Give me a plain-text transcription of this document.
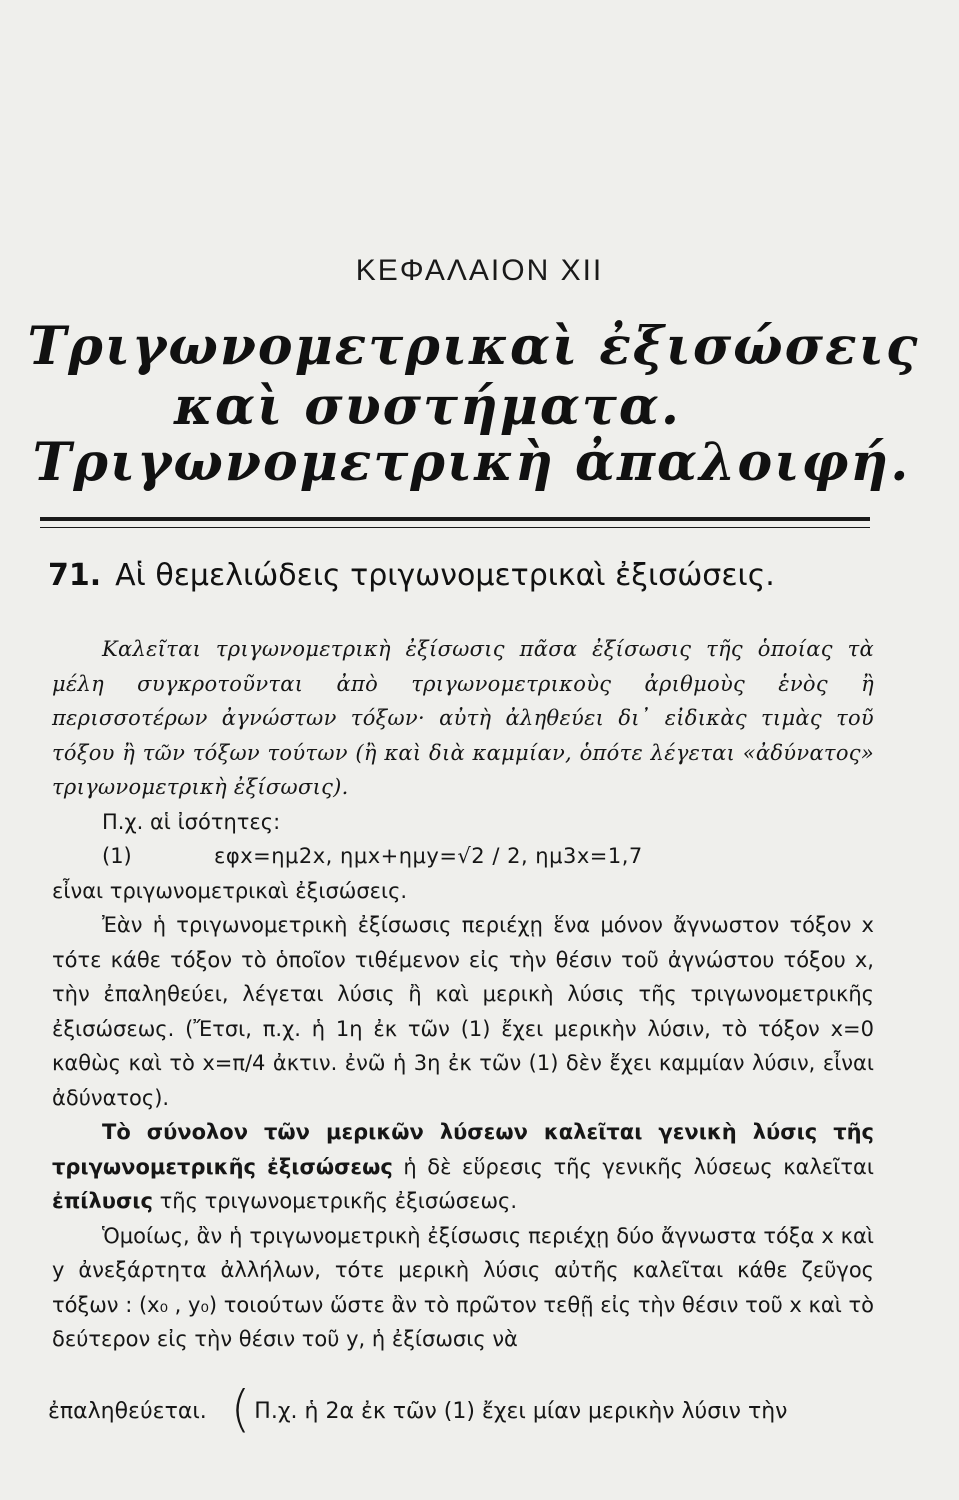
ΚΕΦΑΛΑΙΟΝ XII
Τριγωνομετρικαὶ ἐξισώσεις
καὶ συστήματα.
Τριγωνομετρικὴ ἀπαλοιφή.
71. Αἱ θεμελιώδεις τριγωνομετρικαὶ ἐξισώσεις.

Καλεῖται τριγωνομετρικὴ ἐξίσωσις πᾶσα ἐξίσωσις τῆς ὁποίας τὰ μέλη συγκροτοῦνται ἀπὸ τριγωνομετρικοὺς ἀριθμοὺς ἑνὸς ἢ περισσοτέρων ἀγνώστων τόξων· αὐτὴ ἀληθεύει δι᾿ εἰδικὰς τιμὰς τοῦ τόξου ἢ τῶν τόξων τούτων (ἢ καὶ διὰ καμμίαν, ὁπότε λέγεται «ἀδύνατος» τριγωνομετρικὴ ἐξίσωσις).

Π.χ. αἱ ἰσότητες:

(1)	εφx=ημ2x, ημx+ημy=√2 / 2, ημ3x=1,7

εἶναι τριγωνομετρικαὶ ἐξισώσεις.

Ἐὰν ἡ τριγωνομετρικὴ ἐξίσωσις περιέχῃ ἕνα μόνον ἄγνωστον τόξον x τότε κάθε τόξον τὸ ὁποῖον τιθέμενον εἰς τὴν θέσιν τοῦ ἀγνώστου τόξου x, τὴν ἐπαληθεύει, λέγεται λύσις ἢ καὶ μερικὴ λύσις τῆς τριγωνομετρικῆς ἐξισώσεως. (Ἔτσι, π.χ. ἡ 1η ἐκ τῶν (1) ἔχει μερικὴν λύσιν, τὸ τόξον x=0 καθὼς καὶ τὸ x=π/4 ἀκτιν. ἐνῶ ἡ 3η ἐκ τῶν (1) δὲν ἔχει καμμίαν λύσιν, εἶναι ἀδύνατος).

Τὸ σύνολον τῶν μερικῶν λύσεων καλεῖται γενικὴ λύσις τῆς τριγωνομετρικῆς ἐξισώσεως ἡ δὲ εὕρεσις τῆς γενικῆς λύσεως καλεῖται ἐπίλυσις τῆς τριγωνομετρικῆς ἐξισώσεως.

Ὁμοίως, ἂν ἡ τριγωνομετρικὴ ἐξίσωσις περιέχῃ δύο ἄγνωστα τόξα x καὶ y ἀνεξάρτητα ἀλλήλων, τότε μερικὴ λύσις αὐτῆς καλεῖται κάθε ζεῦγος τόξων : (x₀ , y₀) τοιούτων ὥστε ἂν τὸ πρῶτον τεθῇ εἰς τὴν θέσιν τοῦ x καὶ τὸ δεύτερον εἰς τὴν θέσιν τοῦ y, ἡ ἐξίσωσις νὰ

ἐπαληθεύεται. ( Π.χ. ἡ 2α ἐκ τῶν (1) ἔχει μίαν μερικὴν λύσιν τὴν
